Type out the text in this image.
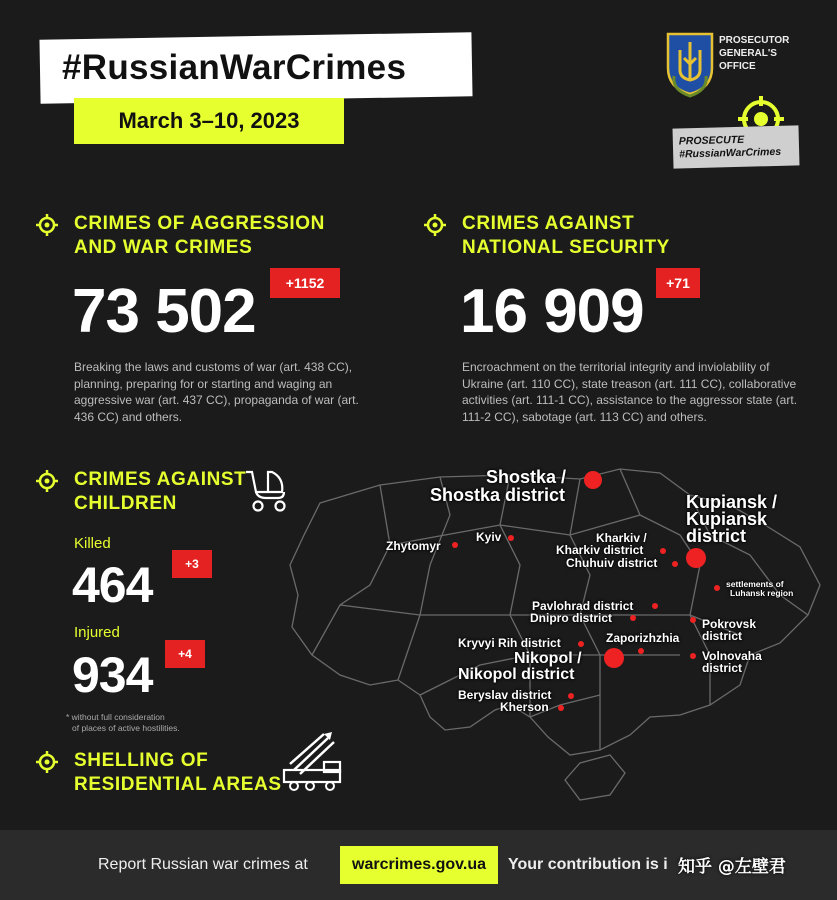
#RussianWarCrimes
March 3–10, 2023
PROSECUTOR
GENERAL'S
OFFICE
PROSECUTE
#RussianWarCrimes
CRIMES OF AGGRESSION
AND WAR CRIMES
73 502	+1152
Breaking the laws and customs of war (art. 438 CC), planning, preparing for or starting and waging an aggressive war (art. 437 CC), propaganda of war (art. 436 CC) and others.
CRIMES AGAINST
NATIONAL SECURITY
16 909	+71
Encroachment on the territorial integrity and inviolability of Ukraine (art. 110 CC), state treason (art. 111 CC), collaborative activities (art. 111-1 CC), assistance to the aggressor state (art. 111-2 CC), sabotage (art. 113 CC) and others.
CRIMES AGAINST
CHILDREN
Killed
464	+3
Injured
934	+4
* without full consideration
of places of active hostilities.
SHELLING OF
RESIDENTIAL AREAS
Shostka /
Shostka district	Kupiansk /
Kupiansk
district
Zhytomyr
Kyiv	Kharkiv /
Kharkiv district
Chuhuiv district
settlements of
Luhansk region
Pavlohrad district
Dnipro district	Pokrovsk
district
Kryvyi Rih district	Zaporizhzhia
Nikopol /
Nikopol district
Volnovaha
district
Beryslav district
Kherson
Report Russian war crimes at	warcrimes.gov.ua	Your contribution is i 知乎 @左壁君
